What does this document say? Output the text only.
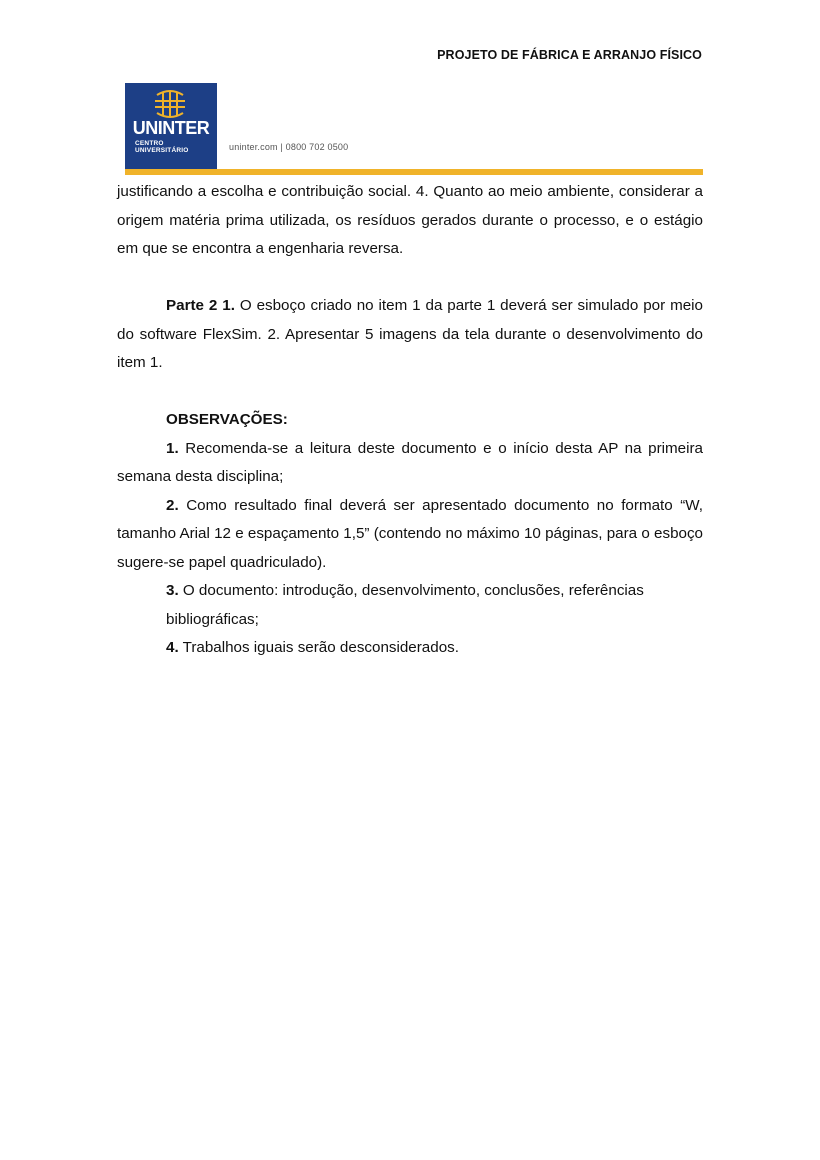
PROJETO DE FÁBRICA E ARRANJO FÍSICO
UNINTER
CENTRO
UNIVERSITÁRIO	uninter.com | 0800 702 0500

justificando a escolha e contribuição social. 4. Quanto ao meio ambiente, considerar a origem matéria prima utilizada, os resíduos gerados durante o processo, e o estágio em que se encontra a engenharia reversa.

Parte 2 1. O esboço criado no item 1 da parte 1 deverá ser simulado por meio do software FlexSim. 2. Apresentar 5 imagens da tela durante o desenvolvimento do item 1.

OBSERVAÇÕES:

1. Recomenda-se a leitura deste documento e o início desta AP na primeira semana desta disciplina;

2. Como resultado final deverá ser apresentado documento no formato “W, tamanho Arial 12 e espaçamento 1,5” (contendo no máximo 10 páginas, para o esboço sugere-se papel quadriculado).

3. O documento: introdução, desenvolvimento, conclusões, referências bibliográficas;

4. Trabalhos iguais serão desconsiderados.
